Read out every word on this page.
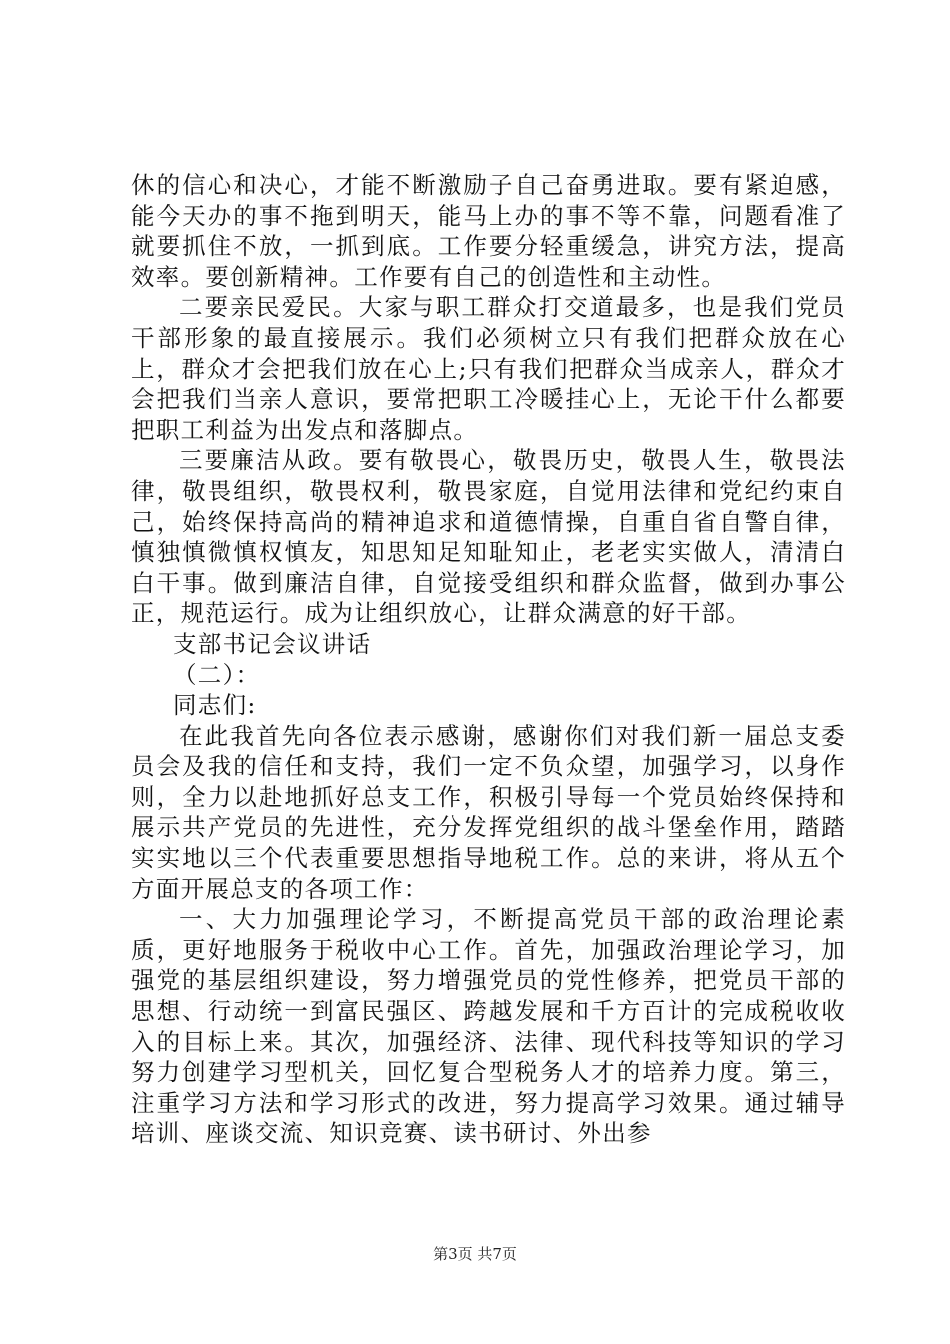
休的信心和决心，才能不断激励子自己奋勇进取。要有紧迫感，能今天办的事不拖到明天，能马上办的事不等不靠，问题看准了就要抓住不放，一抓到底。工作要分轻重缓急，讲究方法，提高效率。要创新精神。工作要有自己的创造性和主动性。

二要亲民爱民。大家与职工群众打交道最多，也是我们党员干部形象的最直接展示。我们必须树立只有我们把群众放在心上，群众才会把我们放在心上;只有我们把群众当成亲人，群众才会把我们当亲人意识，要常把职工冷暖挂心上，无论干什么都要把职工利益为出发点和落脚点。

三要廉洁从政。要有敬畏心，敬畏历史，敬畏人生，敬畏法律，敬畏组织，敬畏权利，敬畏家庭，自觉用法律和党纪约束自己，始终保持高尚的精神追求和道德情操，自重自省自警自律，慎独慎微慎权慎友，知思知足知耻知止，老老实实做人，清清白白干事。做到廉洁自律，自觉接受组织和群众监督，做到办事公正，规范运行。成为让组织放心，让群众满意的好干部。

支部书记会议讲话

（二）：

同志们:

在此我首先向各位表示感谢，感谢你们对我们新一届总支委员会及我的信任和支持，我们一定不负众望，加强学习，以身作则，全力以赴地抓好总支工作，积极引导每一个党员始终保持和展示共产党员的先进性，充分发挥党组织的战斗堡垒作用，踏踏实实地以三个代表重要思想指导地税工作。总的来讲，将从五个方面开展总支的各项工作：

一、大力加强理论学习，不断提高党员干部的政治理论素质，更好地服务于税收中心工作。首先，加强政治理论学习，加强党的基层组织建设，努力增强党员的党性修养，把党员干部的思想、行动统一到富民强区、跨越发展和千方百计的完成税收收入的目标上来。其次，加强经济、法律、现代科技等知识的学习努力创建学习型机关，回忆复合型税务人才的培养力度。第三，注重学习方法和学习形式的改进，努力提高学习效果。通过辅导培训、座谈交流、知识竞赛、读书研讨、外出参

第3页 共7页
